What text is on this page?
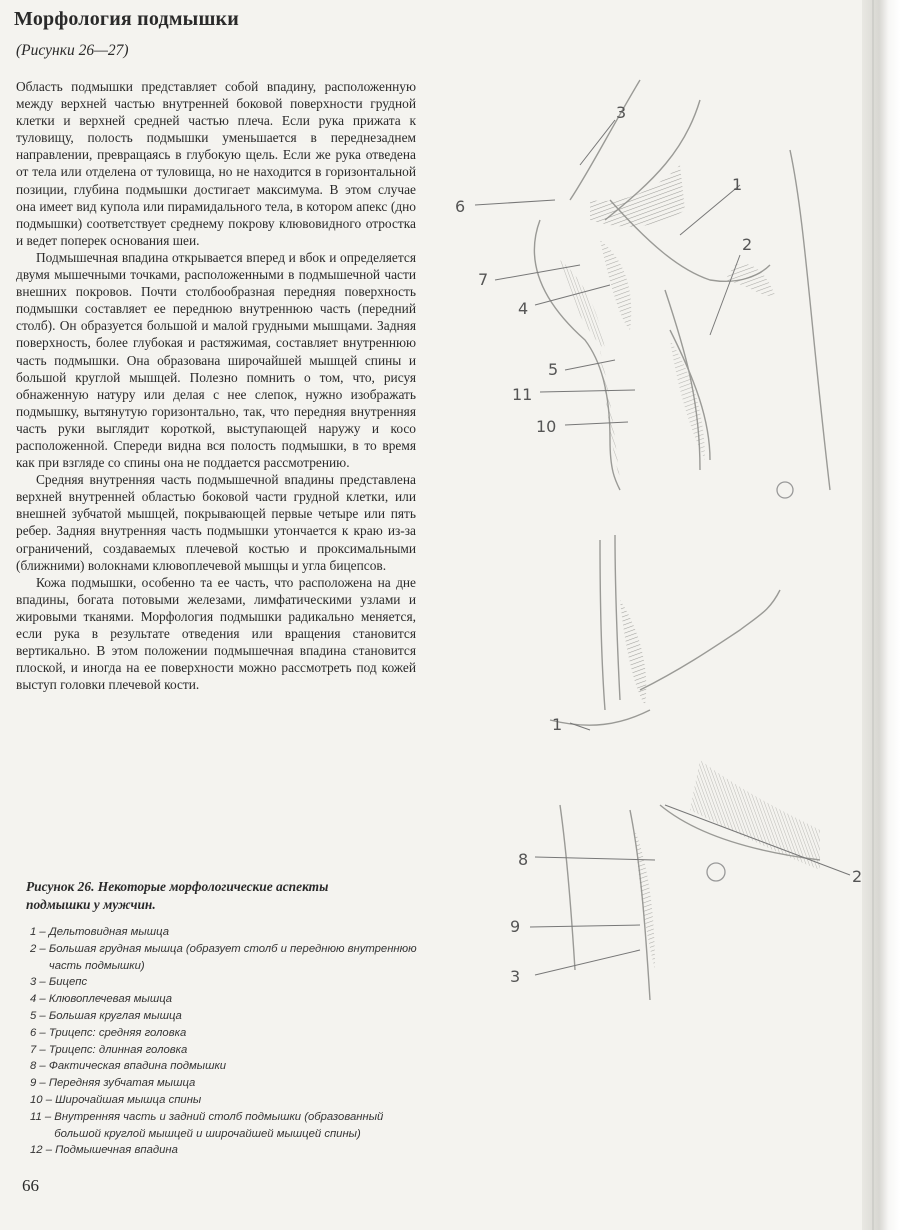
Морфология подмышки
(Рисунки 26—27)

Область подмышки представляет собой впадину, расположенную между верхней частью внутренней боковой поверхности грудной клетки и верхней средней частью плеча. Если рука прижата к туловищу, полость подмышки уменьшается в переднезаднем направлении, превращаясь в глубокую щель. Если же рука отведена от тела или отделена от туловища, но не находится в горизонтальной позиции, глубина подмышки достигает максимума. В этом случае она имеет вид купола или пирамидального тела, в котором апекс (дно подмышки) соответствует среднему покрову клювовидного отростка и ведет поперек основания шеи.

Подмышечная впадина открывается вперед и вбок и определяется двумя мышечными точками, расположенными в подмышечной части внешних покровов. Почти столбообразная передняя поверхность подмышки составляет ее переднюю внутреннюю часть (передний столб). Он образуется большой и малой грудными мышцами. Задняя поверхность, более глубокая и растяжимая, составляет внутреннюю часть подмышки. Она образована широчайшей мышцей спины и большой круглой мышцей. Полезно помнить о том, что, рисуя обнаженную натуру или делая с нее слепок, нужно изображать подмышку, вытянутую горизонтально, так, что передняя внутренняя часть руки выглядит короткой, выступающей наружу и косо расположенной. Спереди видна вся полость подмышки, в то время как при взгляде со спины она не поддается рассмотрению.

Средняя внутренняя часть подмышечной впадины представлена верхней внутренней областью боковой части грудной клетки, или внешней зубчатой мышцей, покрывающей первые четыре или пять ребер. Задняя внутренняя часть подмышки утончается к краю из-за ограничений, создаваемых плечевой костью и проксимальными (ближними) волокнами клювоплечевой мышцы и угла бицепсов.

Кожа подмышки, особенно та ее часть, что расположена на дне впадины, богата потовыми железами, лимфатическими узлами и жировыми тканями. Морфология подмышки радикально меняется, если рука в результате отведения или вращения становится вертикально. В этом положении подмышечная впадина становится плоской, и иногда на ее поверхности можно рассмотреть под кожей выступ головки плечевой кости.

3
1
6
2
7
4
5
11
10
1
8
2
9
3
Рисунок 26. Некоторые морфологические аспекты подмышки у мужчин.
1 – Дельтовидная мышца
2 – Большая грудная мышца (образует столб и переднюю внутреннюю часть подмышки)
3 – Бицепс
4 – Клювоплечевая мышца
5 – Большая круглая мышца
6 – Трицепс: средняя головка
7 – Трицепс: длинная головка
8 – Фактическая впадина подмышки
9 – Передняя зубчатая мышца
10 – Широчайшая мышца спины
11 – Внутренняя часть и задний столб подмышки (образованный большой круглой мышцей и широчайшей мышцей спины)
12 – Подмышечная впадина
66
